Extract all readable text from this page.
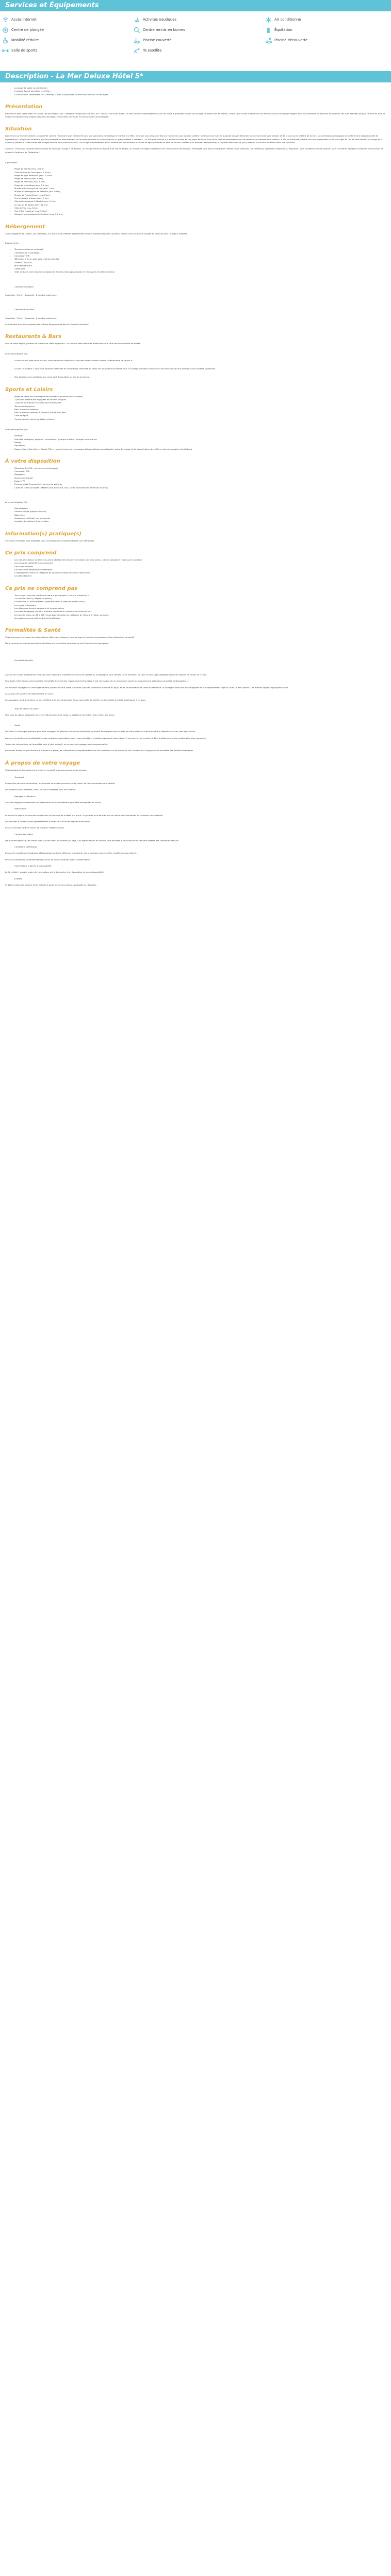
Services et Équipements
Accès internet	Activités nautiques	Air conditionné
Centre de plongée	Centre tennis en bornes	Équitation
Mobilité réduite	Piscine couverte	Piscine découverte
Salle de sports	Ta satellite
Description - La Mer Deluxe Hôtel 5*
• La plage de sable non de Kamari
• L'espace Spa et bien-être « Le Pilie »
• La douce vue, immédiate sur « marbay » avec la splendide coucher de soleil sur la mer Egée
Présentation

Bienvenue dans votre hôtel 5* La Mer Deluxe Hotel & Spa ! Véritable refuge pour adultes, en « vision » est avec doute l'un des meilleurs établissements de l'île. Situé à quelques mètres de la plage de sable noir de Kamari, l'hôtel vous invite à découvrir son architecture et un design élégant avec un ensemble de services de qualités. Pour les activités de jour comme de nuit, le village de Kamari vous propose des bars de plage, restaurants, tavernes et toutes sortes de boutiques.

Situation

Bienvenue sur l'île de Santorin, considérée comme l'endroit le plus recherché pour son panorama romantique en Grèce. En effet, il émane une ambiance dans le monde où vous pourrez profiter. Viewsq d'une marche auquelle vous le dévoilent que de ses fameuses falaises et de la vue sur la caldera de la mer. La contribution géologique de cette île est exceptionnelle et mystérieuse : malgré les éruptions qui ont provoqué un effondrement de la partie centrale du volcan créant un grand cratère « caldera » ; la volcanie a laissé à la nature sa trace et ses pique tel-l'eau. Fira est la capitale pittoresque de l'île perchée au sommet de la caldera, à 260 m d'altitude, offrant une vue imprenable sur la mer Egée et l'île de Nea Kameni. La longe de la caldera y permet à la rencontre des villages dont la plus connue est Oia : ce village mondialement aussi réservé fois les maisons blanches et églises bleues au bord de la mer. Profitez d'un moment exceptionnel, à la petite terre de l'île, pour admirer le coucher de soleil dans une voluxure.

Santorin, c'est aussi la particularité unique de la plage « rouge » de Kamari, un village fertile la plus haut de l'île de Pirgos, ou encore le village d'Akrotiri et les ruines d'une cité antique, immergée sous deux et quelques mètres, vous rationnez. De nombreux vignobles, majestueux, fréquents, nous qualifions l'île de Santorin sous le chemin, comptez d'unifie le nouvel point de départ à l'intérieur de l'épidémie !

À proximité :

• Plage de Kamari (env. 100 m)
• Villa antique de Thera (env. 2,5 km)
• Plage de Agia Paraskevi (env. 2,5 km)
• Plage de Perissa (env. 9 km)
• Plage de Perivolos (env. 8 km)
• Plage de Monolithos (env. 5,5 km)
• Musée préhistorique de Fira (env. 7 km)
• Musée archéologique de Santorin (env. 8 km)
• Musée de Pirgos (Cave) (env. 8 km)
• Fira's capitale antique (env. 7 km)
• Site archéologique d'Akrotiri (env. 11 km)
• Le volcan de Skaros (env. 11 km)
• Ville de Fira (env. 8 km)
• Port d'Oia (caldera) (env. 13 km)
• Aéroport International de Santorin (env. 3,7 km)
Hébergement

Alliant élégance et confort, les chambres, à la décoration raffinée agrémentée d'objets traditionnels des Cyclades, offrent une très bonne qualité de services pour un séjour relaxant.

Équipements :

• Terrasse ou balcon aménagé
• Climatisation / chauffage
• Connexion Wifi
• Télévision à écran plat avec chaînes satellite
• Lecteur CD / DVD
• Mini-réfrigérateur
• Coffre-fort
• Salle de bains avec douche ou baignoire d'hydro-massage, peignoir et chaussons et sèche-cheveux
• Chambre Standard

Superficie : 25 m² - Capacité : 2 adultes maximum.

• Chambre Exécutive

Superficie : 29 m² - Capacité : 2 adultes maximum.

La Chambre Exécutive dispose des mêmes équipements que la Chambre Standard.

Restaurants & Bars

Lors de votre séjour, profitez de la formule «Petit déjeuner». Le copieux petit-déjeuner américain vous sera servi sous forme de buffet.

Avec participation (€) :

• Le restaurant, près de la piscine, vous permettra d'apprécier les plats locaux alliant cuisine traditionnelle de terroir d'
• Le bar « Cocktails » donc une ambiance tamisée et romantique, réservée au dîner aux chandelles et offrez-vous un voyage culinaire complété d'une sélection de vins primés et de cocktails signatures.
• Des boissons des collations à la carte sont disponibles au bar de la piscine.
Sports et Loisirs
• Plage de sable noir aménagée de transats et parasols (accès direct)
• 2 piscines extérieures équipées de chaises longues
• 1 piscine intérieure à l'espace Spa et bien-être
• Terrasses de piscine
• Bain à remous extérieur
• Bain à remous intérieur à l'espace Spa et bien-être
• Salle de sport
• Centre beauté, demie de table, enfoncé

Avec participation (€) :

• Parasols
• Activités nautiques, plongée – snorkeling • (marque à tuba), plongée sous-marine
• Balayé
• Équitation
• Espace Spa et bien-être « Spa Le Pilie » : sauna, hammam, massages thérapeutiques ou relaxants, soins du visage et de beauté salon de coiffure, soins des ongles et épilations
À votre disposition
• Réception 24h/24 – service de conciergerie
• Connexion Wifi
• Bagagerie
• Bureau de change
• Espace TV
• Parking (privé & proximité), service de voiturier
• Carte de crédit acceptée : MasterCard, Eurocard, Visa, Diner International, American Express

Avec participation (€) :

• Blanchisserie
• Service village (payée à l'essai)
• Baby-sitter
• Assistance médicale (sur demande)
• Location de voitures & bicyclettes
Information(s) pratique(s)

Certaines chambres sont adaptées pour les personnes à mobilité réduite (sur demande).

Ce prix comprend
• Les vols aller/retour au tarif non-valeur (billets émis dès la réservation par mes soins) – besoin possible à rebot ouvrir au retour
• Les taxes de solidarité et de carburant
• Les taxes aéroport
• Les transferts aéroport/hôtel/aéroport
• L'hébergement selon la catégorie de chambre choisie lors de la réservation
• Le petit-déjeuner
Ce prix ne comprend pas
• Tout ce qui n'est pas mentionné dans le paragraphe « Ce prix comprend »
• La taxe de séjour (à régler sur place)
• Le transfert « Cocktail/Hôtel » (possible selon la date de rendez-vous)
• Les repas et boissons
• Les dépenses d'ordre personnel et les pourboires
• Les frais de bagage (soulé si membre contiente au moment du choix du vol)
• La taxe de séjour de 3€ à 15€ / chambre/nuit (selon la catégorie de l'hôtel), à régler sur place
• Les assurances complémentaires facultatives
Formalités & Santé

Vous trouverez ci-dessous les informations utiles pour préparer votre voyage et prendre connaissance des précautions de santé.

Nous trouvons le plus de formalités officielles aux formalités sanitaires du site Conseils aux Voyageurs.

• Formalité d'entrée

Au sein de l'Union européenne (UE), les seuls nationaux d'identité en cours de validité ou le passeport sont valides sur le territoire. Ils s'ont un message obligatoire pour les séjours de moins de 3 mois.

Pour toute information concernant les formalités d'entrée des ressortissants étrangers, il est nécessaire de se renseigner auprès des organismes adéquats (consulats, ambassades...).

Les mineurs voyageant à l'étranger devront justifier de leur pièce d'identité (voir les conditions d'entrée du pays) et de l'autorisation de sortie du territoire. Ils voyagent sans être accompagnés de leur représentant légal ou avec un seul parent. Les mêmes règles s'appliquent à eux.

Assurance de santé et de déroulement en cours.

Les passagers en transit dans un pays différent de leur destination finale sont priés de vérifier les formalités d'entrée spécifiques à ce pays.

• Taxe de séjour en Grèce

Une taxe de séjour obligatoire de 1€ à 15€/chambre/nuit (selon la catégorie de l'hôtel) est à régler sur place.

• Santé

Un séjour à l'étranger implique pour tout voyageur de prendre certaines précautions de santé. Renseignez-vous auprès de votre médecin traitant avant le départ ou sur les sites spécialisés.

Aucune vaccination n'est obligatoire mais certaines vaccinations sont recommandées, n'oubliez pas avant votre départ à vos vaccins de manière à être protégé contre les maladies les plus courantes.

Toutes les informations de formalités sont à titre indicatif, et ne peuvent engager notre responsabilité.

Retrouvez toutes les précautions à prendre sur place, les informations complémentaires et les formalités sur le portail du site Conseils aux Voyageurs du ministère des Affaires étrangères.

À propos de votre voyage

Voici quelques informations à prendre en considération concernant votre voyage.

• Transport

En fonction de votre destination, les horaires de départ peuvent varier, merci de nous contacter pour vérifier.

Les départs sont confirmés, merci de nous contacter pour les horaires.

• Bagages « spéciaux »

Certains bagages nécessitent une réservation avec supplément pour être transportés en soute.

• Votre séjour

La durée du séjour est calculée en fonction du nombre de nuitées sur place. Le premier et le dernier jour du séjour sont consacrés au transport international.

Les arrivées à l'hôtel se font généralement à partir de 14h et les départs avant midi.

En cas d'arrivée tardive, merci de prévenir l'établissement.

• Confort des hôtels

De manière générale, les hôtels sont classés selon les normes du pays. Les appréciations de confort sont données à titre indicatif et peuvent différer des standards français.

• Conditions spécifiques

En cas de conditions climatiques défavorables ou d'une affluence importante, les prestations peuvent être modifiées sans préavis.

Pour nos personnes à mobilité réduite, merci de nous contacter avant la réservation.

• Informations relatives à la possibilité

Le lit « bébé » dans le cadre de votre séjour est à demander à la réservation et selon disponibilité.

• Enfants

L'hôtel accepte les adultes et les enfants à partir de 14 ans (séjours partagés ou réservés).
